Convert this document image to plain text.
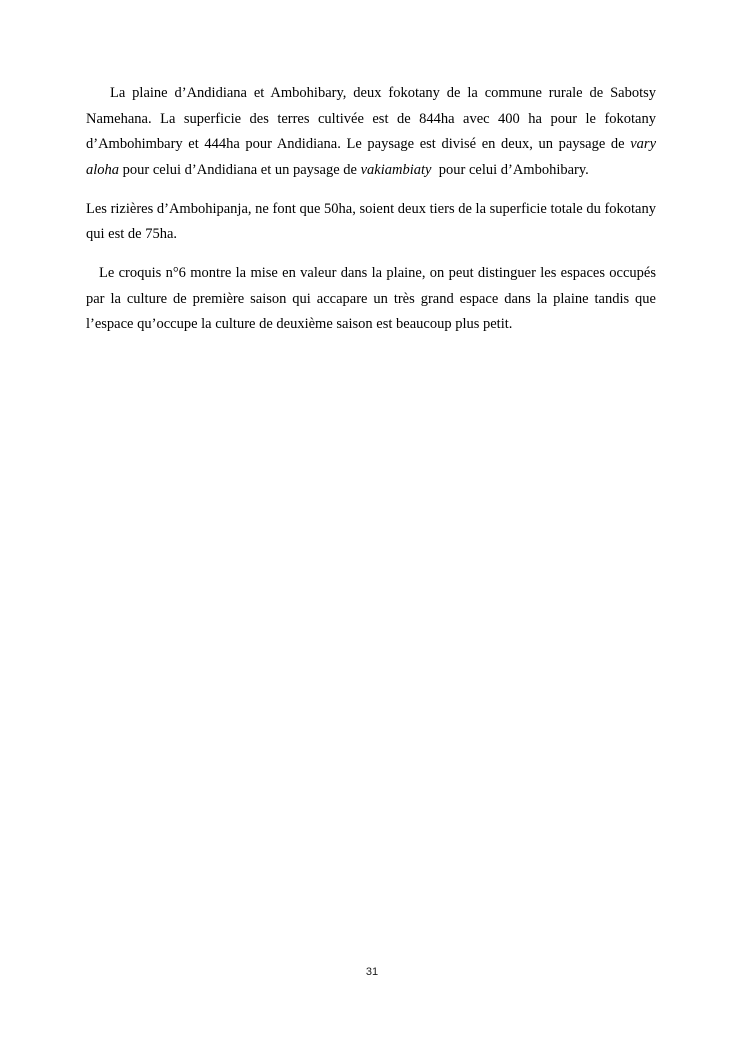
La plaine d’Andidiana et Ambohibary, deux fokotany de la commune rurale de Sabotsy Namehana. La superficie des terres cultivée est de 844ha avec 400 ha pour le fokotany d’Ambohimbary et 444ha pour Andidiana. Le paysage est divisé en deux, un paysage de vary aloha pour celui d’Andidiana et un paysage de vakiambiaty  pour celui d’Ambohibary.

Les rizières d’Ambohipanja, ne font que 50ha, soient deux tiers de la superficie totale du fokotany qui est de 75ha.

Le croquis n°6 montre la mise en valeur dans la plaine, on peut distinguer les espaces occupés par la culture de première saison qui accapare un très grand espace dans la plaine tandis que l’espace qu’occupe la culture de deuxième saison est beaucoup plus petit.

31
